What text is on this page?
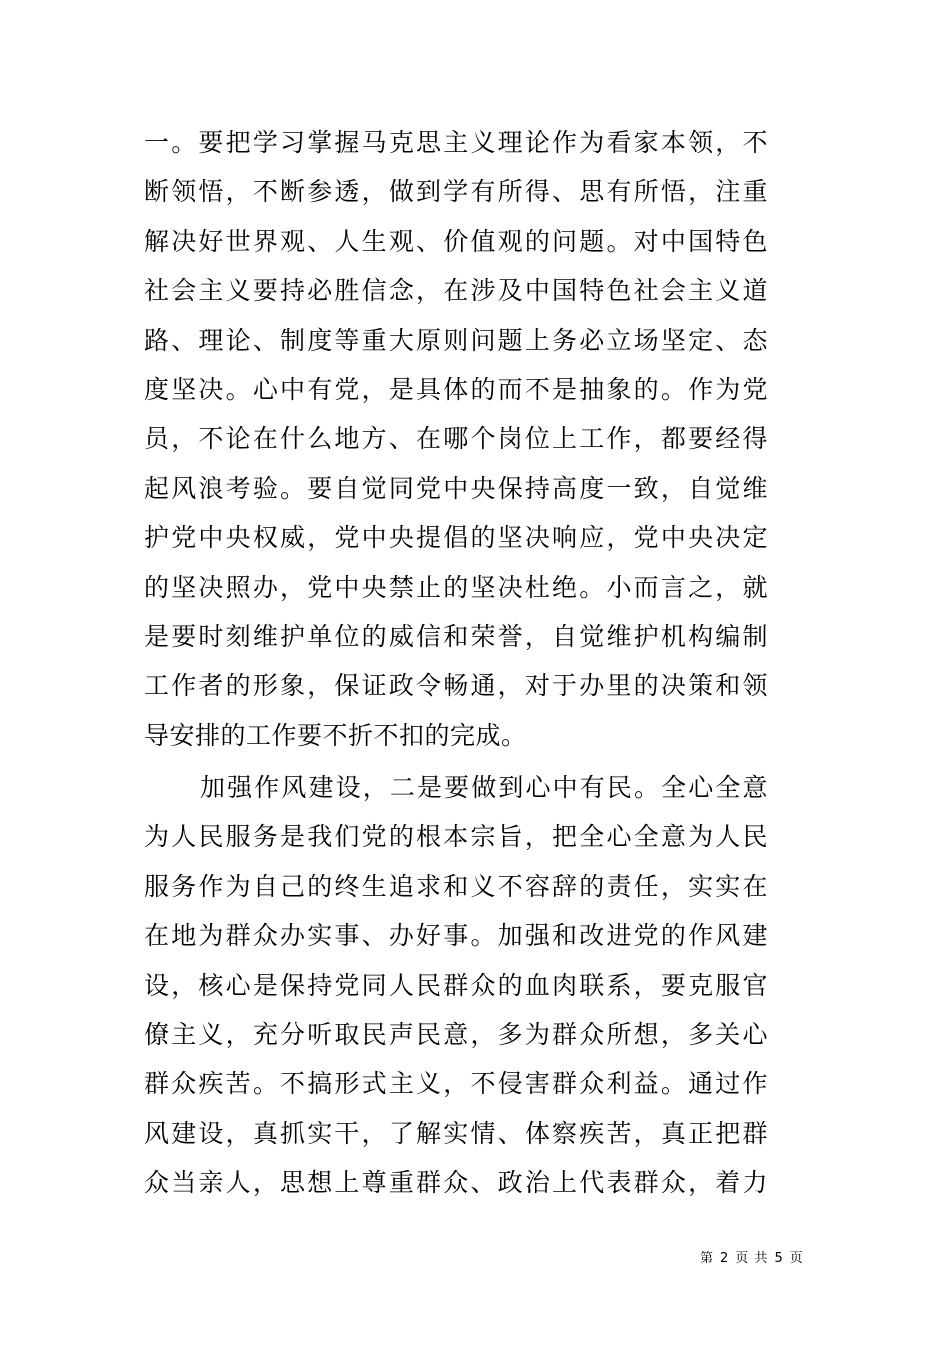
一。要把学习掌握马克思主义理论作为看家本领，不
断领悟，不断参透，做到学有所得、思有所悟，注重
解决好世界观、人生观、价值观的问题。对中国特色
社会主义要持必胜信念，在涉及中国特色社会主义道
路、理论、制度等重大原则问题上务必立场坚定、态
度坚决。心中有党，是具体的而不是抽象的。作为党
员，不论在什么地方、在哪个岗位上工作，都要经得
起风浪考验。要自觉同党中央保持高度一致，自觉维
护党中央权威，党中央提倡的坚决响应，党中央决定
的坚决照办，党中央禁止的坚决杜绝。小而言之，就
是要时刻维护单位的威信和荣誉，自觉维护机构编制
工作者的形象，保证政令畅通，对于办里的决策和领
导安排的工作要不折不扣的完成。
加强作风建设，二是要做到心中有民。全心全意
为人民服务是我们党的根本宗旨，把全心全意为人民
服务作为自己的终生追求和义不容辞的责任，实实在
在地为群众办实事、办好事。加强和改进党的作风建
设，核心是保持党同人民群众的血肉联系，要克服官
僚主义，充分听取民声民意，多为群众所想，多关心
群众疾苦。不搞形式主义，不侵害群众利益。通过作
风建设，真抓实干，了解实情、体察疾苦，真正把群
众当亲人，思想上尊重群众、政治上代表群众，着力
第 2 页 共 5 页
